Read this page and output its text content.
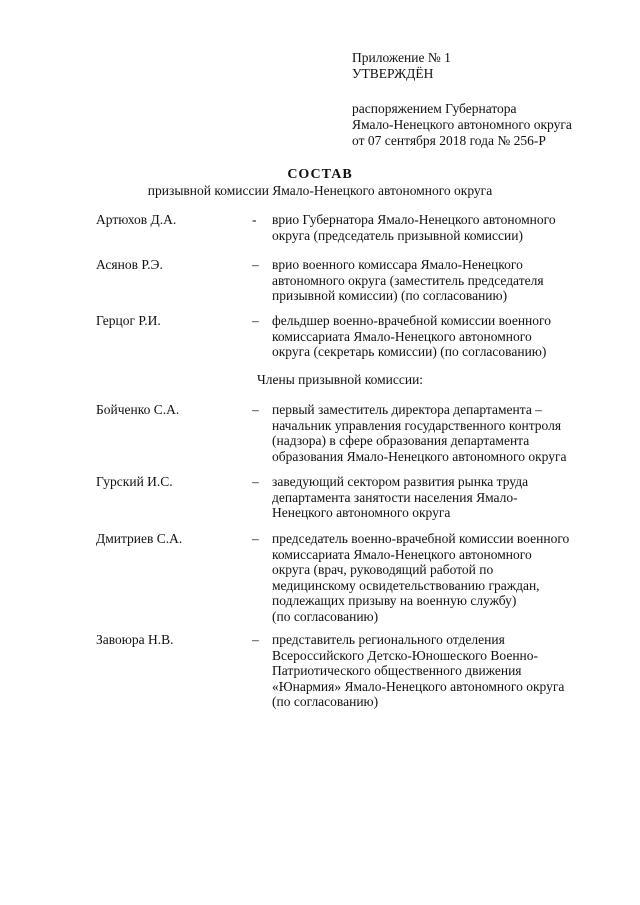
Приложение № 1
УТВЕРЖДЁН
распоряжением Губернатора
Ямало-Ненецкого автономного округа
от 07 сентября 2018 года № 256-Р
СОСТАВ
призывной комиссии Ямало-Ненецкого автономного округа
Артюхов Д.А.	- врио Губернатора Ямало-Ненецкого автономного
округа (председатель призывной комиссии)
Асянов Р.Э.	– врио военного комиссара Ямало-Ненецкого
автономного округа (заместитель председателя
призывной комиссии) (по согласованию)
Герцог Р.И.	– фельдшер военно-врачебной комиссии военного
комиссариата Ямало-Ненецкого автономного
округа (секретарь комиссии) (по согласованию)
Члены призывной комиссии:
Бойченко С.А.	– первый заместитель директора департамента –
начальник управления государственного контроля
(надзора) в сфере образования департамента
образования Ямало-Ненецкого автономного округа
Гурский И.С.	– заведующий сектором развития рынка труда
департамента занятости населения Ямало-
Ненецкого автономного округа
Дмитриев С.А.	– председатель военно-врачебной комиссии военного
комиссариата Ямало-Ненецкого автономного
округа (врач, руководящий работой по
медицинскому освидетельствованию граждан,
подлежащих призыву на военную службу)
(по согласованию)
Завоюра Н.В.	– представитель регионального отделения
Всероссийского Детско-Юношеского Военно-
Патриотического общественного движения
«Юнармия» Ямало-Ненецкого автономного округа
(по согласованию)
